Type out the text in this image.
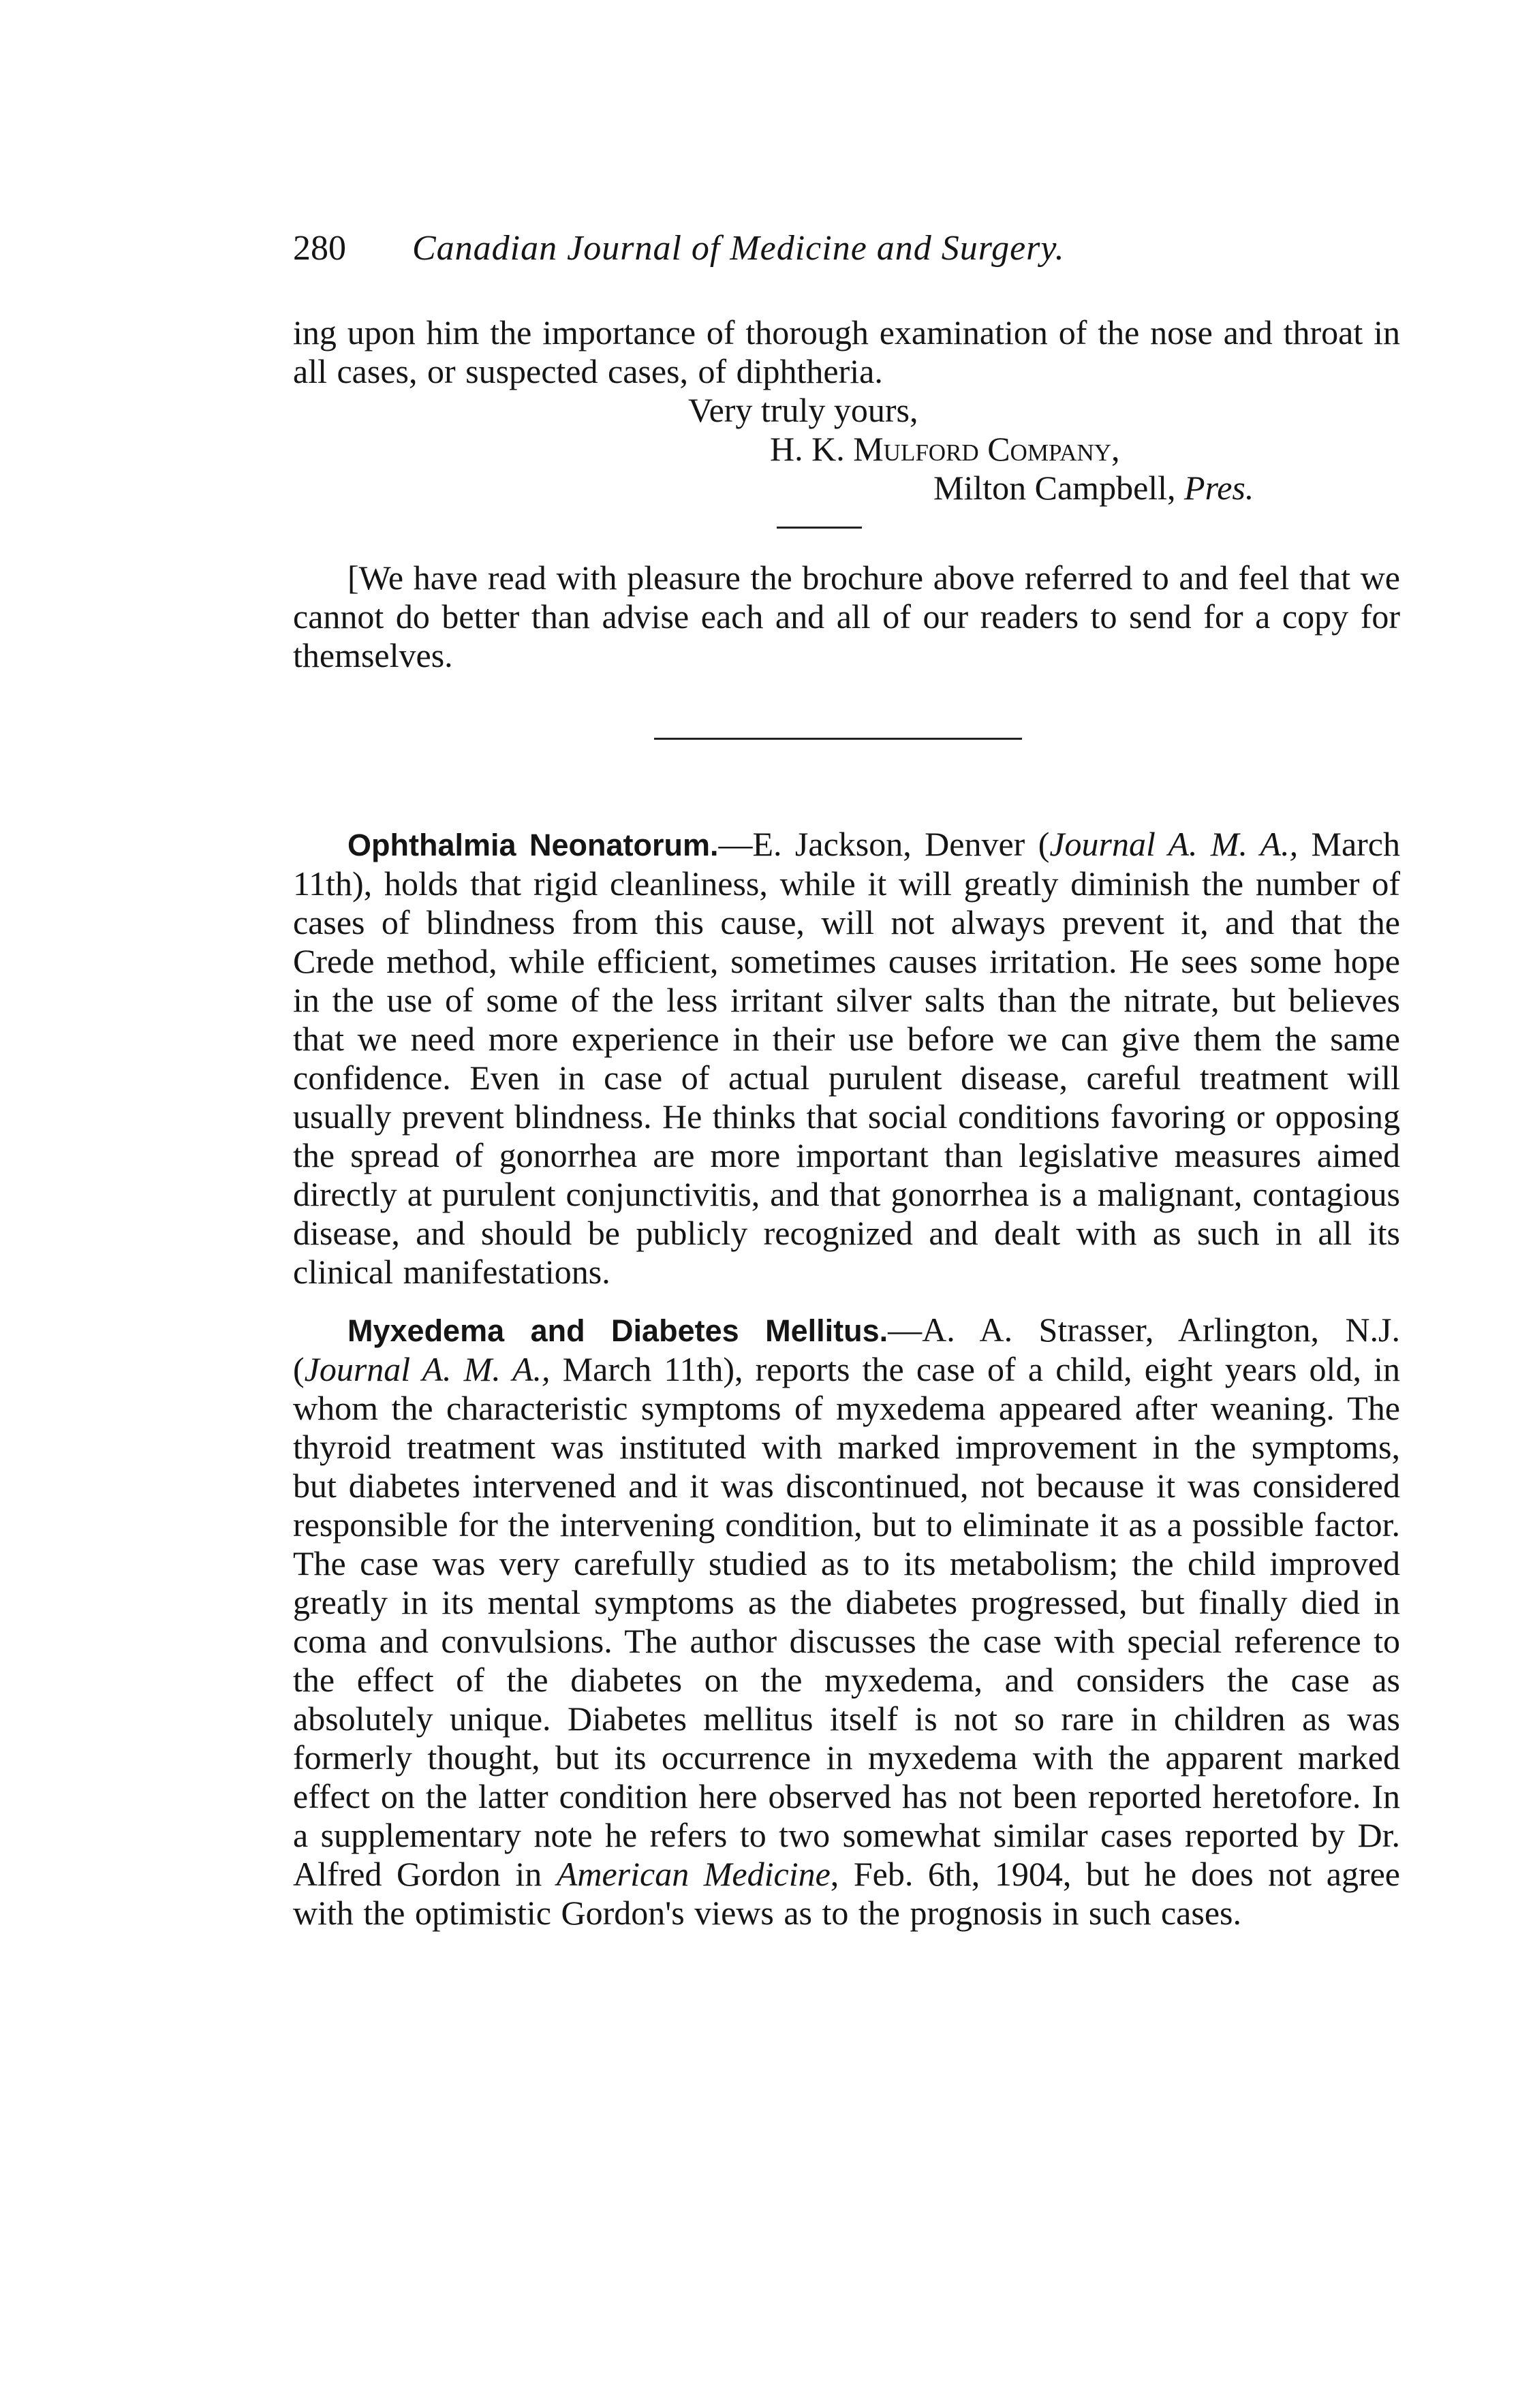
280	Canadian Journal of Medicine and Surgery.

ing upon him the importance of thorough examination of the nose and throat in all cases, or suspected cases, of diphtheria.

Very truly yours,
H. K. Mulford Company,
Milton Campbell, Pres.

[We have read with pleasure the brochure above referred to and feel that we cannot do better than advise each and all of our readers to send for a copy for themselves.

Ophthalmia Neonatorum.—E. Jackson, Denver (Journal A. M. A., March 11th), holds that rigid cleanliness, while it will greatly diminish the number of cases of blindness from this cause, will not always prevent it, and that the Crede method, while efficient, sometimes causes irritation. He sees some hope in the use of some of the less irritant silver salts than the nitrate, but believes that we need more experience in their use before we can give them the same confidence. Even in case of actual purulent disease, careful treatment will usually prevent blindness. He thinks that social conditions favoring or opposing the spread of gonorrhea are more important than legislative measures aimed directly at purulent conjunctivitis, and that gonorrhea is a malignant, contagious disease, and should be publicly recognized and dealt with as such in all its clinical manifestations.

Myxedema and Diabetes Mellitus.—A. A. Strasser, Arlington, N.J. (Journal A. M. A., March 11th), reports the case of a child, eight years old, in whom the characteristic symptoms of myxedema appeared after weaning. The thyroid treatment was instituted with marked improvement in the symptoms, but diabetes intervened and it was discontinued, not because it was considered responsible for the intervening condition, but to eliminate it as a possible factor. The case was very carefully studied as to its metabolism; the child improved greatly in its mental symptoms as the diabetes progressed, but finally died in coma and convulsions. The author discusses the case with special reference to the effect of the diabetes on the myxedema, and considers the case as absolutely unique. Diabetes mellitus itself is not so rare in children as was formerly thought, but its occurrence in myxedema with the apparent marked effect on the latter condition here observed has not been reported heretofore. In a supplementary note he refers to two somewhat similar cases reported by Dr. Alfred Gordon in American Medicine, Feb. 6th, 1904, but he does not agree with the optimistic Gordon's views as to the prognosis in such cases.
